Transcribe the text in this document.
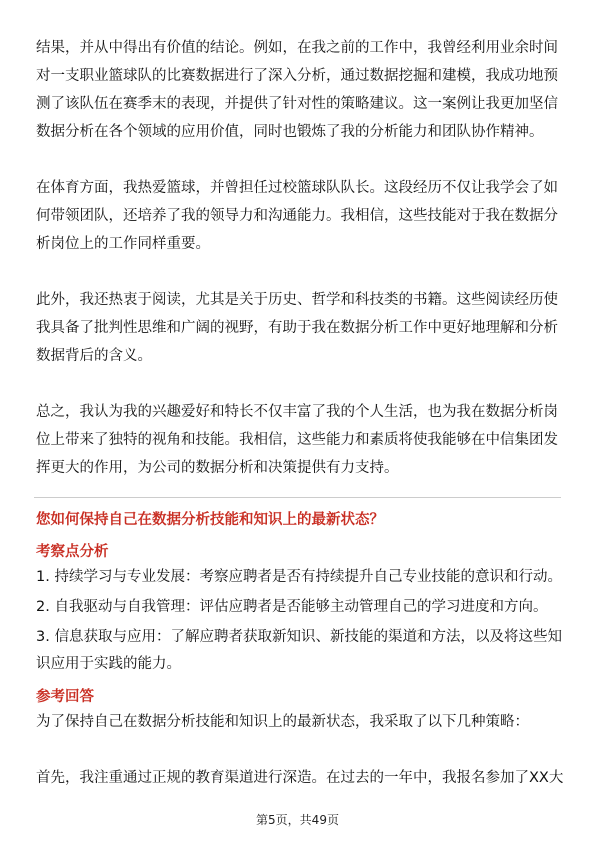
结果，并从中得出有价值的结论。例如，在我之前的工作中，我曾经利用业余时间
对一支职业篮球队的比赛数据进行了深入分析，通过数据挖掘和建模，我成功地预
测了该队伍在赛季末的表现，并提供了针对性的策略建议。这一案例让我更加坚信
数据分析在各个领域的应用价值，同时也锻炼了我的分析能力和团队协作精神。
在体育方面，我热爱篮球，并曾担任过校篮球队队长。这段经历不仅让我学会了如
何带领团队，还培养了我的领导力和沟通能力。我相信，这些技能对于我在数据分
析岗位上的工作同样重要。
此外，我还热衷于阅读，尤其是关于历史、哲学和科技类的书籍。这些阅读经历使
我具备了批判性思维和广阔的视野，有助于我在数据分析工作中更好地理解和分析
数据背后的含义。
总之，我认为我的兴趣爱好和特长不仅丰富了我的个人生活，也为我在数据分析岗
位上带来了独特的视角和技能。我相信，这些能力和素质将使我能够在中信集团发
挥更大的作用，为公司的数据分析和决策提供有力支持。
您如何保持自己在数据分析技能和知识上的最新状态？
考察点分析
1. 持续学习与专业发展：考察应聘者是否有持续提升自己专业技能的意识和行动。
2. 自我驱动与自我管理：评估应聘者是否能够主动管理自己的学习进度和方向。
3. 信息获取与应用：了解应聘者获取新知识、新技能的渠道和方法，以及将这些知
识应用于实践的能力。
参考回答
为了保持自己在数据分析技能和知识上的最新状态，我采取了以下几种策略：
首先，我注重通过正规的教育渠道进行深造。在过去的一年中，我报名参加了XX大
第5页，共49页
